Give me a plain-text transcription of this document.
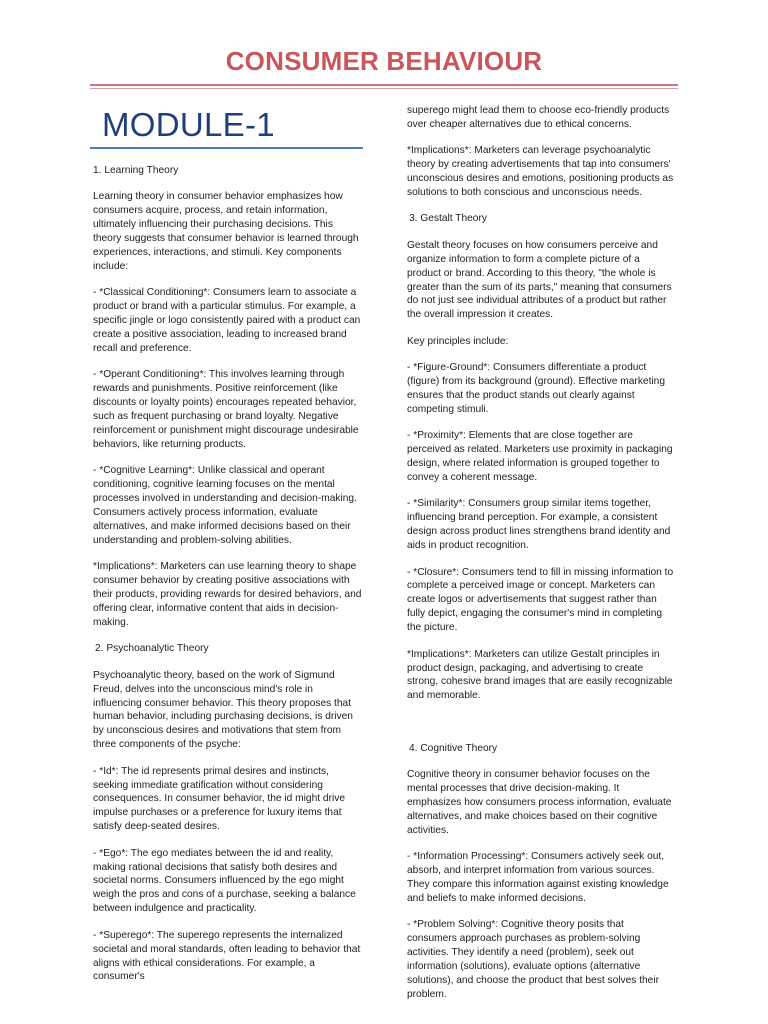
CONSUMER BEHAVIOUR
MODULE-1

1. Learning Theory

Learning theory in consumer behavior emphasizes how consumers acquire, process, and retain information, ultimately influencing their purchasing decisions. This theory suggests that consumer behavior is learned through experiences, interactions, and stimuli. Key components include:

- *Classical Conditioning*: Consumers learn to associate a product or brand with a particular stimulus. For example, a specific jingle or logo consistently paired with a product can create a positive association, leading to increased brand recall and preference.

- *Operant Conditioning*: This involves learning through rewards and punishments. Positive reinforcement (like discounts or loyalty points) encourages repeated behavior, such as frequent purchasing or brand loyalty. Negative reinforcement or punishment might discourage undesirable behaviors, like returning products.

- *Cognitive Learning*: Unlike classical and operant conditioning, cognitive learning focuses on the mental processes involved in understanding and decision-making. Consumers actively process information, evaluate alternatives, and make informed decisions based on their understanding and problem-solving abilities.

*Implications*: Marketers can use learning theory to shape consumer behavior by creating positive associations with their products, providing rewards for desired behaviors, and offering clear, informative content that aids in decision-making.

2. Psychoanalytic Theory

Psychoanalytic theory, based on the work of Sigmund Freud, delves into the unconscious mind's role in influencing consumer behavior. This theory proposes that human behavior, including purchasing decisions, is driven by unconscious desires and motivations that stem from three components of the psyche:

- *Id*: The id represents primal desires and instincts, seeking immediate gratification without considering consequences. In consumer behavior, the id might drive impulse purchases or a preference for luxury items that satisfy deep-seated desires.

- *Ego*: The ego mediates between the id and reality, making rational decisions that satisfy both desires and societal norms. Consumers influenced by the ego might weigh the pros and cons of a purchase, seeking a balance between indulgence and practicality.

- *Superego*: The superego represents the internalized societal and moral standards, often leading to behavior that aligns with ethical considerations. For example, a consumer's

superego might lead them to choose eco-friendly products over cheaper alternatives due to ethical concerns.

*Implications*: Marketers can leverage psychoanalytic theory by creating advertisements that tap into consumers' unconscious desires and emotions, positioning products as solutions to both conscious and unconscious needs.

3. Gestalt Theory

Gestalt theory focuses on how consumers perceive and organize information to form a complete picture of a product or brand. According to this theory, "the whole is greater than the sum of its parts," meaning that consumers do not just see individual attributes of a product but rather the overall impression it creates.

Key principles include:

- *Figure-Ground*: Consumers differentiate a product (figure) from its background (ground). Effective marketing ensures that the product stands out clearly against competing stimuli.

- *Proximity*: Elements that are close together are perceived as related. Marketers use proximity in packaging design, where related information is grouped together to convey a coherent message.

- *Similarity*: Consumers group similar items together, influencing brand perception. For example, a consistent design across product lines strengthens brand identity and aids in product recognition.

- *Closure*: Consumers tend to fill in missing information to complete a perceived image or concept. Marketers can create logos or advertisements that suggest rather than fully depict, engaging the consumer's mind in completing the picture.

*Implications*: Marketers can utilize Gestalt principles in product design, packaging, and advertising to create strong, cohesive brand images that are easily recognizable and memorable.

4. Cognitive Theory

Cognitive theory in consumer behavior focuses on the mental processes that drive decision-making. It emphasizes how consumers process information, evaluate alternatives, and make choices based on their cognitive activities.

- *Information Processing*: Consumers actively seek out, absorb, and interpret information from various sources. They compare this information against existing knowledge and beliefs to make informed decisions.

- *Problem Solving*: Cognitive theory posits that consumers approach purchases as problem-solving activities. They identify a need (problem), seek out information (solutions), evaluate options (alternative solutions), and choose the product that best solves their problem.
